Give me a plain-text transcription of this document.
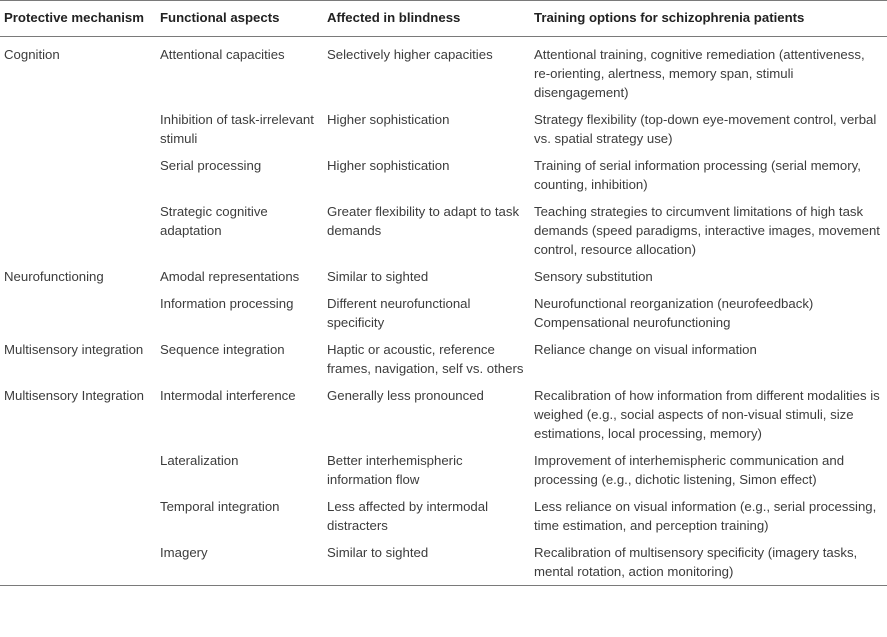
Protective mechanism	Functional aspects	Affected in blindness	Training options for schizophrenia patients
Cognition	Attentional capacities	Selectively higher capacities	Attentional training, cognitive remediation (attentiveness, re-orienting, alertness, memory span, stimuli disengagement)
	Inhibition of task-irrelevant stimuli	Higher sophistication	Strategy flexibility (top-down eye-movement control, verbal vs. spatial strategy use)
	Serial processing	Higher sophistication	Training of serial information processing (serial memory, counting, inhibition)
	Strategic cognitive adaptation	Greater flexibility to adapt to task demands	Teaching strategies to circumvent limitations of high task demands (speed paradigms, interactive images, movement control, resource allocation)
Neurofunctioning	Amodal representations	Similar to sighted	Sensory substitution
	Information processing	Different neurofunctional specificity	Neurofunctional reorganization (neurofeedback) Compensational neurofunctioning
Multisensory integration	Sequence integration	Haptic or acoustic, reference frames, navigation, self vs. others	Reliance change on visual information
Multisensory Integration	Intermodal interference	Generally less pronounced	Recalibration of how information from different modalities is weighed (e.g., social aspects of non-visual stimuli, size estimations, local processing, memory)
	Lateralization	Better interhemispheric information flow	Improvement of interhemispheric communication and processing (e.g., dichotic listening, Simon effect)
	Temporal integration	Less affected by intermodal distracters	Less reliance on visual information (e.g., serial processing, time estimation, and perception training)
	Imagery	Similar to sighted	Recalibration of multisensory specificity (imagery tasks, mental rotation, action monitoring)
